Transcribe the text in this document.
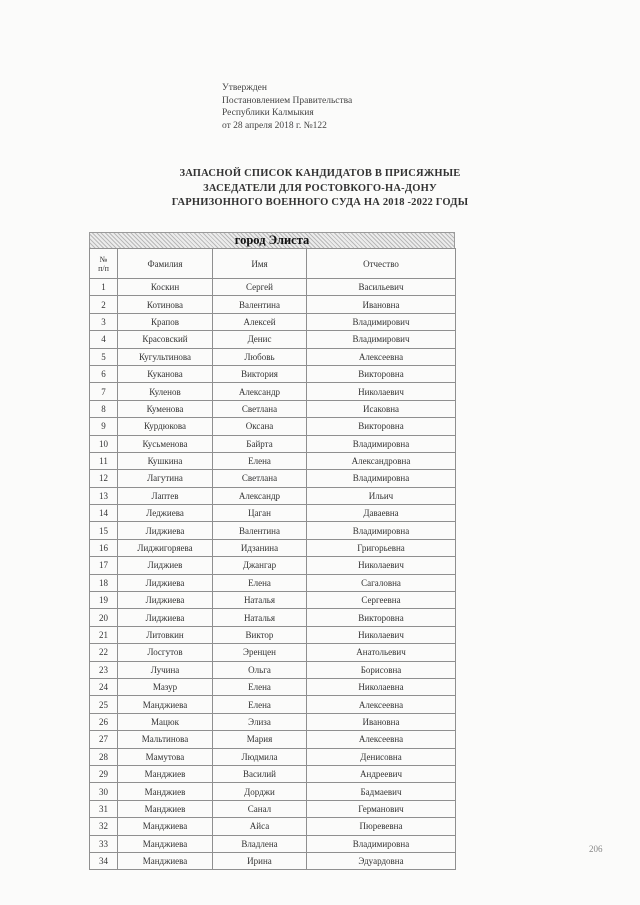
Утвержден
Постановлением Правительства
Республики Калмыкия
от 28 апреля 2018 г. №122
ЗАПАСНОЙ СПИСОК КАНДИДАТОВ В ПРИСЯЖНЫЕ
ЗАСЕДАТЕЛИ ДЛЯ РОСТОВКОГО-НА-ДОНУ
ГАРНИЗОННОГО ВОЕННОГО СУДА НА 2018 -2022 ГОДЫ
город Элиста
№
п/п	Фамилия	Имя	Отчество
1	Коскин	Сергей	Васильевич
2	Котинова	Валентина	Ивановна
3	Крапов	Алексей	Владимирович
4	Красовский	Денис	Владимирович
5	Кугультинова	Любовь	Алексеевна
6	Куканова	Виктория	Викторовна
7	Куленов	Александр	Николаевич
8	Куменова	Светлана	Исаковна
9	Курдюкова	Оксана	Викторовна
10	Кусьменова	Байрта	Владимировна
11	Кушкина	Елена	Александровна
12	Лагутина	Светлана	Владимировна
13	Лаптев	Александр	Ильич
14	Леджиева	Цаган	Даваевна
15	Лиджиева	Валентина	Владимировна
16	Лиджигоряева	Идзанина	Григорьевна
17	Лиджиев	Джангар	Николаевич
18	Лиджиева	Елена	Сагаловна
19	Лиджиева	Наталья	Сергеевна
20	Лиджиева	Наталья	Викторовна
21	Литовкин	Виктор	Николаевич
22	Лосгутов	Эренцен	Анатольевич
23	Лучина	Ольга	Борисовна
24	Мазур	Елена	Николаевна
25	Манджиева	Елена	Алексеевна
26	Мацюк	Элиза	Ивановна
27	Мальтинова	Мария	Алексеевна
28	Мамутова	Людмила	Денисовна
29	Манджиев	Василий	Андреевич
30	Манджиев	Дорджи	Бадмаевич
31	Манджиев	Санал	Германович
32	Манджиева	Айса	Пюревевна
33	Манджиева	Владлена	Владимировна
34	Манджиева	Ирина	Эдуардовна
206
